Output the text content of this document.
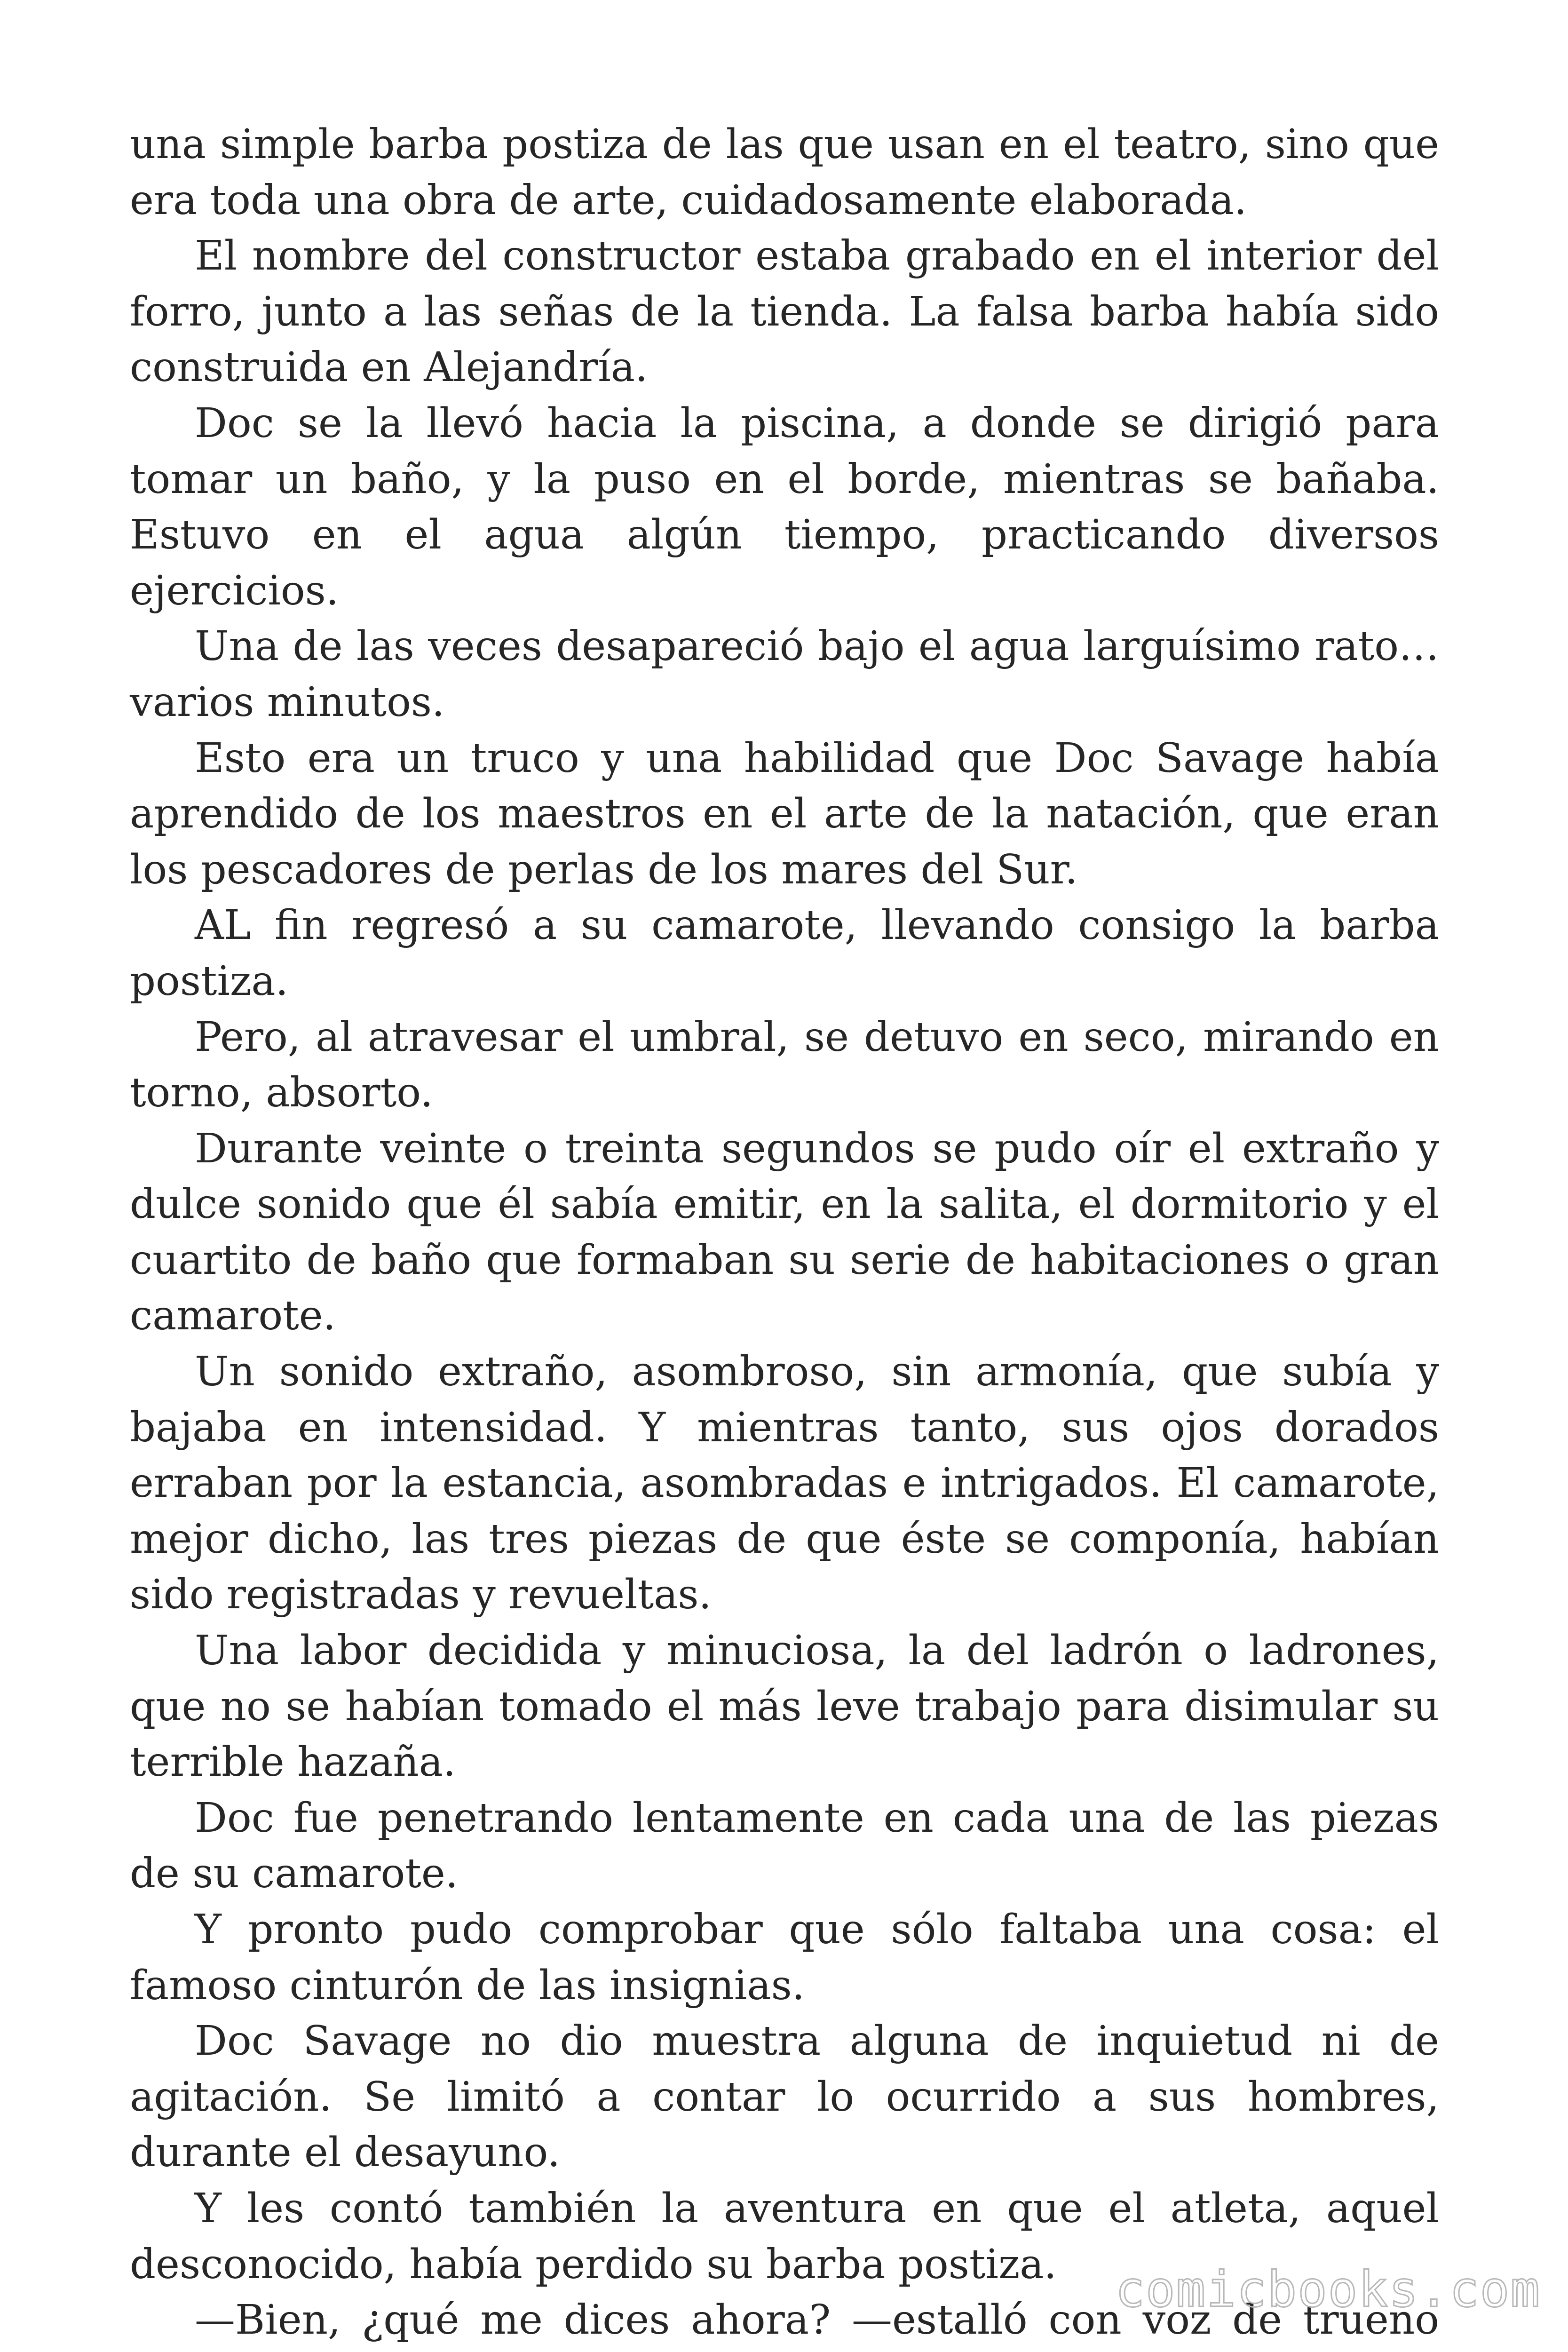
una simple barba postiza de las que usan en el teatro, sino que era toda una obra de arte, cuidadosamente elaborada.

El nombre del constructor estaba grabado en el interior del forro, junto a las señas de la tienda. La falsa barba había sido construida en Alejandría.

Doc se la llevó hacia la piscina, a donde se dirigió para tomar un baño, y la puso en el borde, mientras se bañaba. Estuvo en el agua algún tiempo, practicando diversos ejercicios.

Una de las veces desapareció bajo el agua larguísimo rato… varios minutos.

Esto era un truco y una habilidad que Doc Savage había aprendido de los maestros en el arte de la natación, que eran los pescadores de perlas de los mares del Sur.

AL fin regresó a su camarote, llevando consigo la barba postiza.

Pero, al atravesar el umbral, se detuvo en seco, mirando en torno, absorto.

Durante veinte o treinta segundos se pudo oír el extraño y dulce sonido que él sabía emitir, en la salita, el dormitorio y el cuartito de baño que formaban su serie de habitaciones o gran camarote.

Un sonido extraño, asombroso, sin armonía, que subía y bajaba en intensidad. Y mientras tanto, sus ojos dorados erraban por la estancia, asombradas e intrigados. El camarote, mejor dicho, las tres piezas de que éste se componía, habían sido registradas y revueltas.

Una labor decidida y minuciosa, la del ladrón o ladrones, que no se habían tomado el más leve trabajo para disimular su terrible hazaña.

Doc fue penetrando lentamente en cada una de las piezas de su camarote.

Y pronto pudo comprobar que sólo faltaba una cosa: el famoso cinturón de las insignias.

Doc Savage no dio muestra alguna de inquietud ni de agitación. Se limitó a contar lo ocurrido a sus hombres, durante el desayuno.

Y les contó también la aventura en que el atleta, aquel desconocido, había perdido su barba postiza.

—Bien, ¿qué me dices ahora? —estalló con voz de trueno

comicbooks.com
